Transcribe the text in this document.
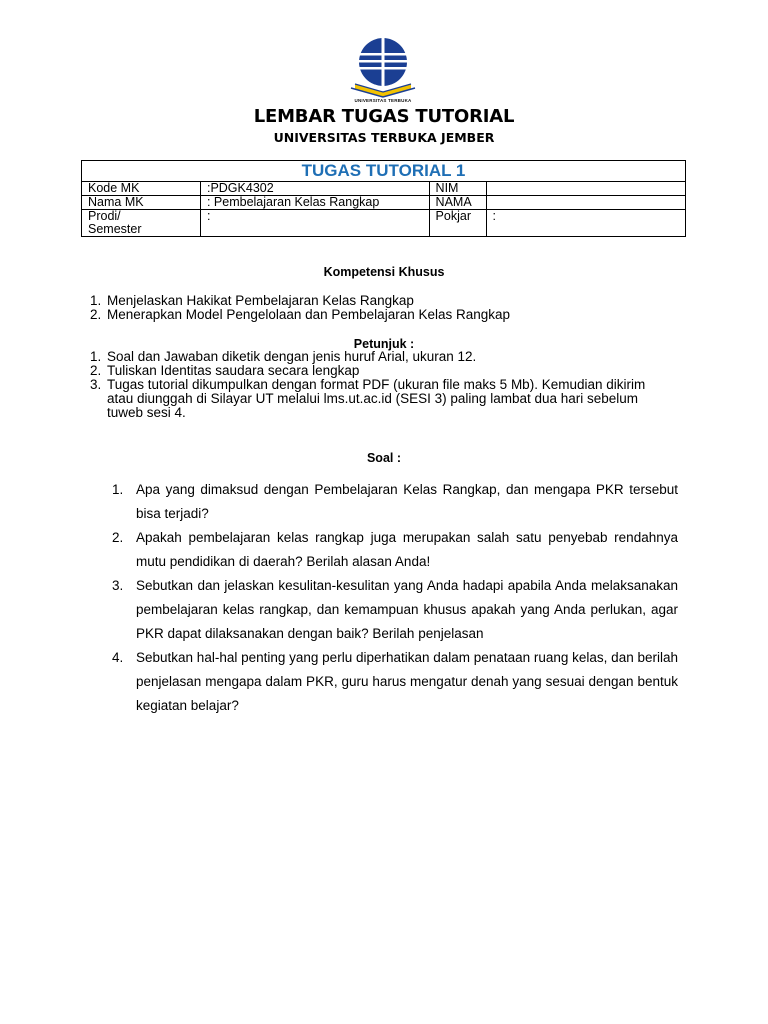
UNIVERSITAS TERBUKA
LEMBAR TUGAS TUTORIAL
UNIVERSITAS TERBUKA JEMBER
TUGAS TUTORIAL 1			
Kode MK	:PDGK4302	NIM	
Nama MK	: Pembelajaran Kelas Rangkap	NAMA	
Prodi/ Semester	:	Pokjar	:
Kompetensi Khusus
1. Menjelaskan Hakikat Pembelajaran Kelas Rangkap
2. Menerapkan Model Pengelolaan dan Pembelajaran Kelas Rangkap
Petunjuk :
1. Soal dan Jawaban diketik dengan jenis huruf Arial, ukuran 12.
2. Tuliskan Identitas saudara secara lengkap
3. Tugas tutorial dikumpulkan dengan format PDF (ukuran file maks 5 Mb). Kemudian dikirim atau diunggah di Silayar UT melalui lms.ut.ac.id (SESI 3) paling lambat dua hari sebelum tuweb sesi 4.
Soal :
1. Apa yang dimaksud dengan Pembelajaran Kelas Rangkap, dan mengapa PKR tersebut bisa terjadi?
2. Apakah pembelajaran kelas rangkap juga merupakan salah satu penyebab rendahnya mutu pendidikan di daerah? Berilah alasan Anda!
3. Sebutkan dan jelaskan kesulitan-kesulitan yang Anda hadapi apabila Anda melaksanakan pembelajaran kelas rangkap, dan kemampuan khusus apakah yang Anda perlukan, agar PKR dapat dilaksanakan dengan baik? Berilah penjelasan
4. Sebutkan hal-hal penting yang perlu diperhatikan dalam penataan ruang kelas, dan berilah penjelasan mengapa dalam PKR, guru harus mengatur denah yang sesuai dengan bentuk kegiatan belajar?
